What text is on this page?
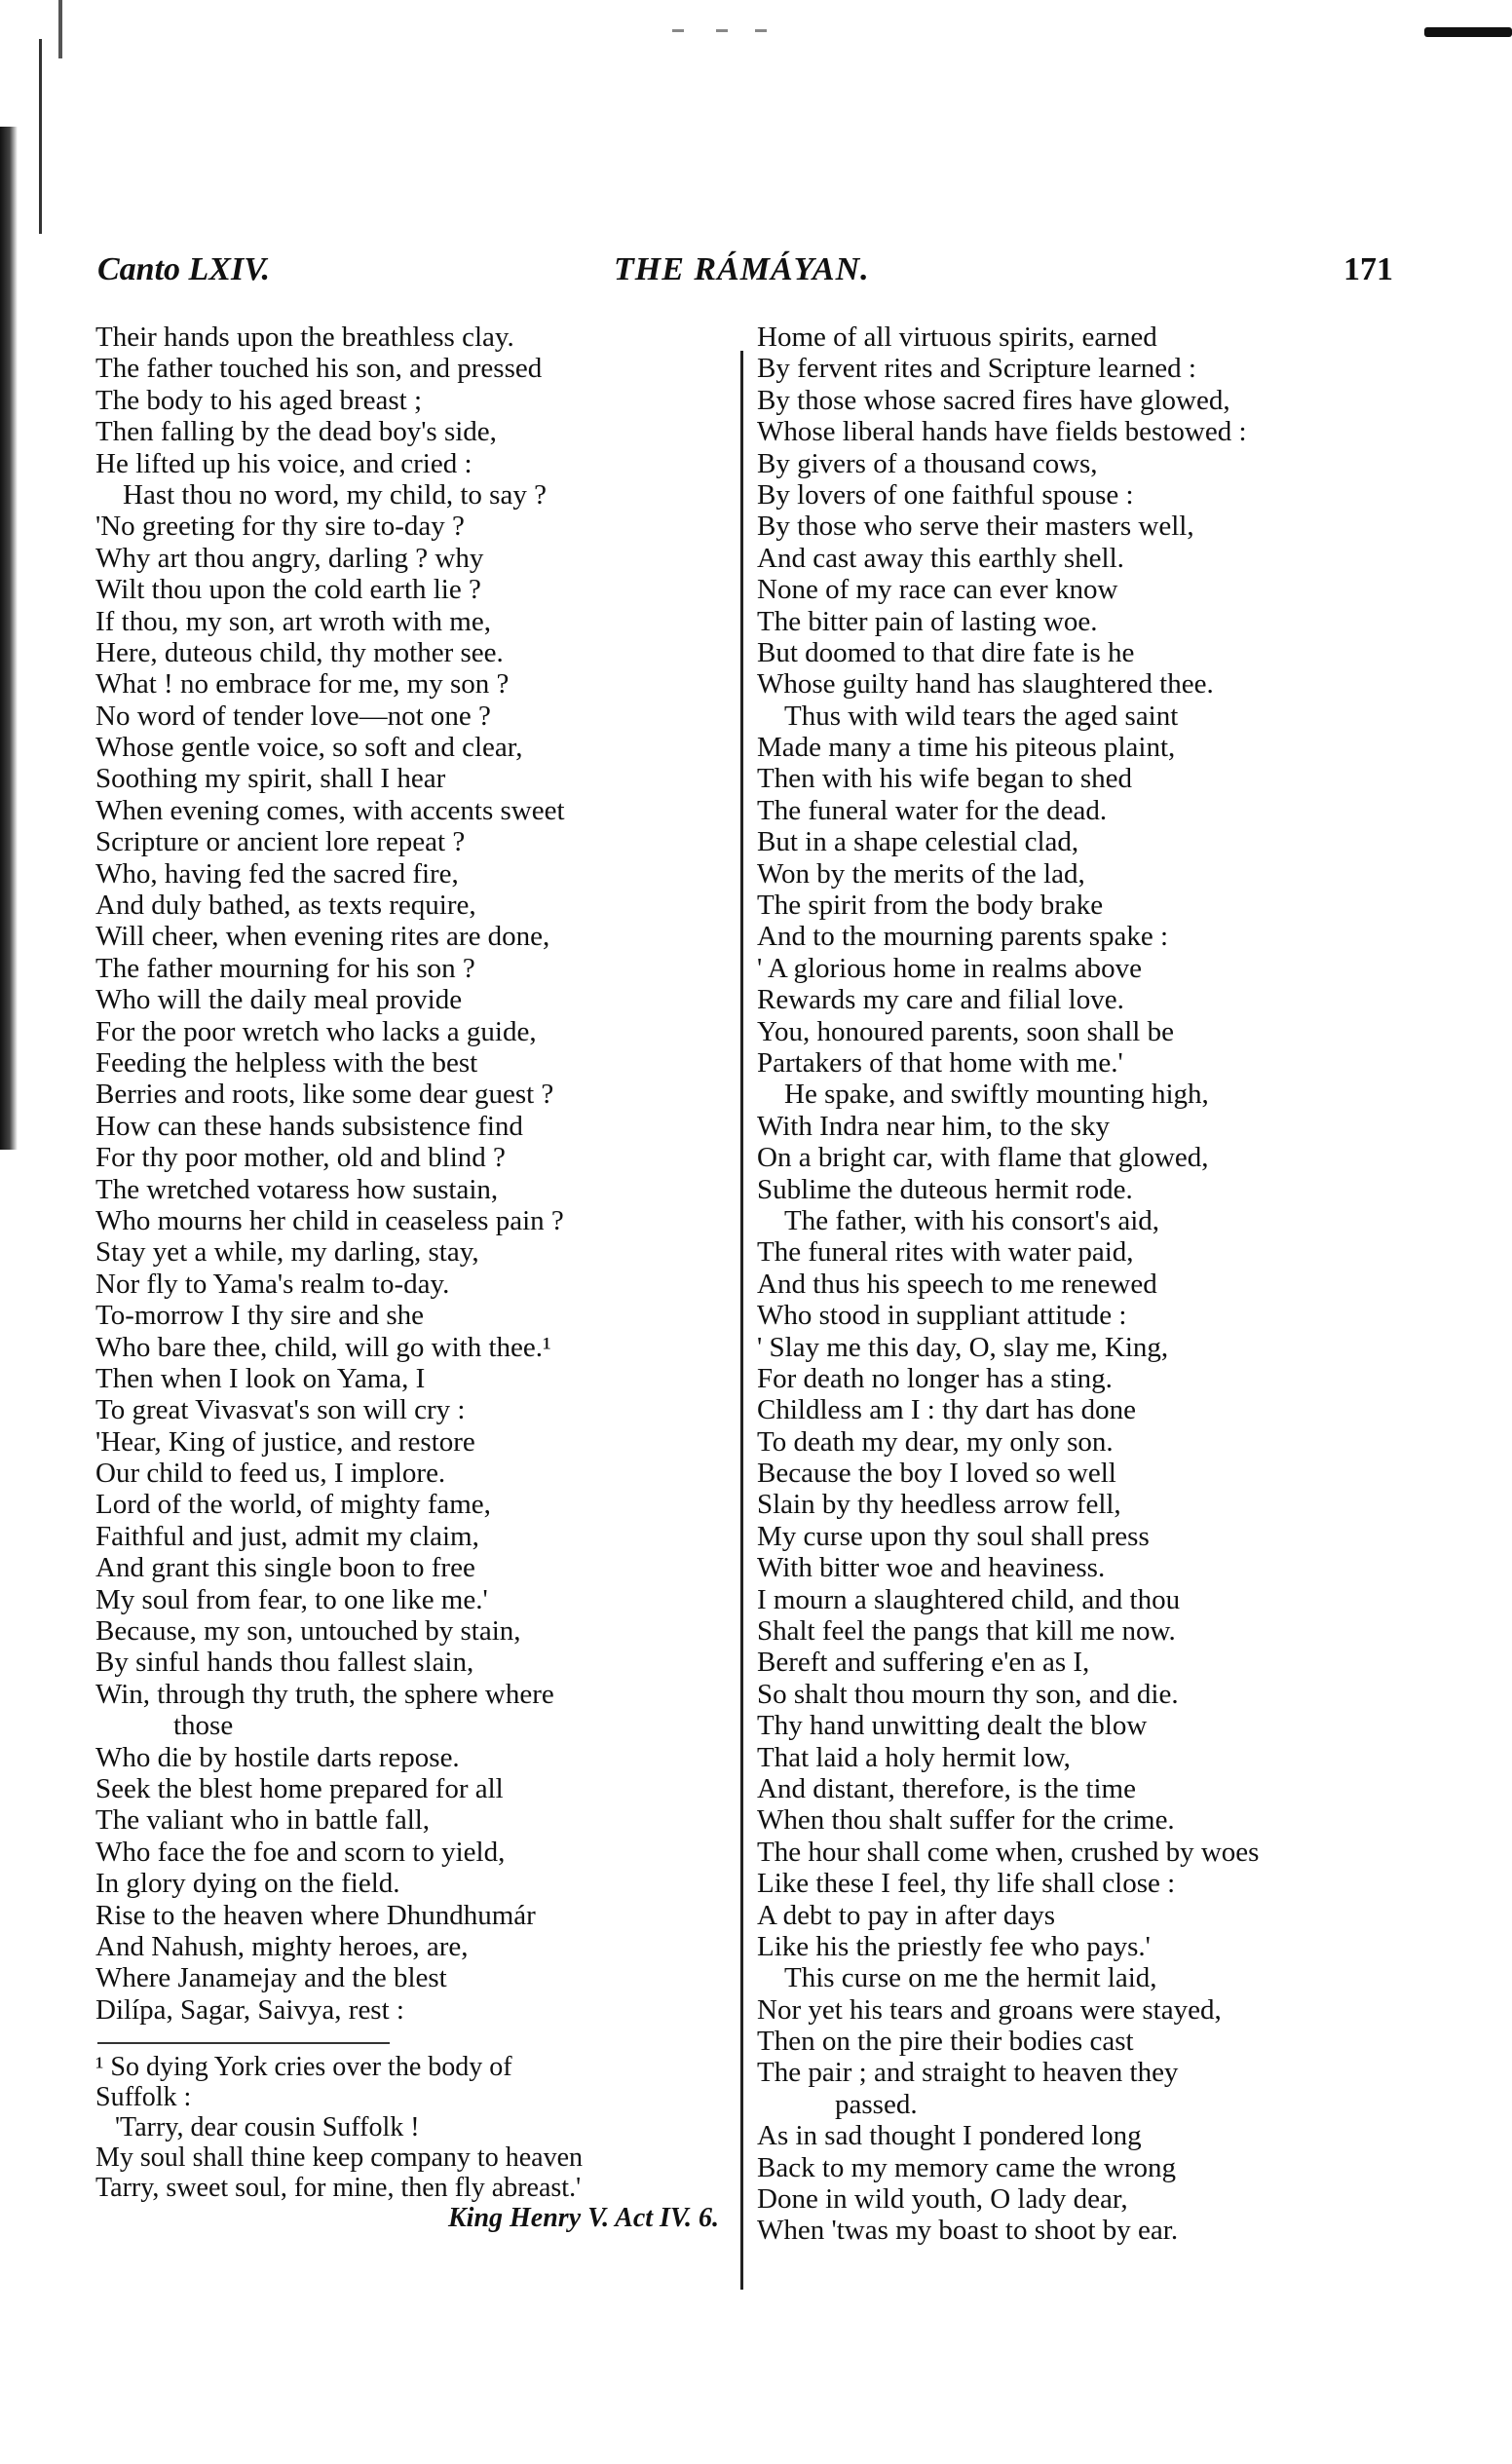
Canto LXIV.	THE RÁMÁYAN.	171
Their hands upon the breathless clay.
The father touched his son, and pressed
The body to his aged breast ;
Then falling by the dead boy's side,
He lifted up his voice, and cried :
Hast thou no word, my child, to say ?
'No greeting for thy sire to-day ?
Why art thou angry, darling ? why
Wilt thou upon the cold earth lie ?
If thou, my son, art wroth with me,
Here, duteous child, thy mother see.
What ! no embrace for me, my son ?
No word of tender love—not one ?
Whose gentle voice, so soft and clear,
Soothing my spirit, shall I hear
When evening comes, with accents sweet
Scripture or ancient lore repeat ?
Who, having fed the sacred fire,
And duly bathed, as texts require,
Will cheer, when evening rites are done,
The father mourning for his son ?
Who will the daily meal provide
For the poor wretch who lacks a guide,
Feeding the helpless with the best
Berries and roots, like some dear guest ?
How can these hands subsistence find
For thy poor mother, old and blind ?
The wretched votaress how sustain,
Who mourns her child in ceaseless pain ?
Stay yet a while, my darling, stay,
Nor fly to Yama's realm to-day.
To-morrow I thy sire and she
Who bare thee, child, will go with thee.¹
Then when I look on Yama, I
To great Vivasvat's son will cry :
'Hear, King of justice, and restore
Our child to feed us, I implore.
Lord of the world, of mighty fame,
Faithful and just, admit my claim,
And grant this single boon to free
My soul from fear, to one like me.'
Because, my son, untouched by stain,
By sinful hands thou fallest slain,
Win, through thy truth, the sphere where
those
Who die by hostile darts repose.
Seek the blest home prepared for all
The valiant who in battle fall,
Who face the foe and scorn to yield,
In glory dying on the field.
Rise to the heaven where Dhundhumár
And Nahush, mighty heroes, are,
Where Janamejay and the blest
Dilípa, Sagar, Saivya, rest :
Home of all virtuous spirits, earned
By fervent rites and Scripture learned :
By those whose sacred fires have glowed,
Whose liberal hands have fields bestowed :
By givers of a thousand cows,
By lovers of one faithful spouse :
By those who serve their masters well,
And cast away this earthly shell.
None of my race can ever know
The bitter pain of lasting woe.
But doomed to that dire fate is he
Whose guilty hand has slaughtered thee.
Thus with wild tears the aged saint
Made many a time his piteous plaint,
Then with his wife began to shed
The funeral water for the dead.
But in a shape celestial clad,
Won by the merits of the lad,
The spirit from the body brake
And to the mourning parents spake :
' A glorious home in realms above
Rewards my care and filial love.
You, honoured parents, soon shall be
Partakers of that home with me.'
He spake, and swiftly mounting high,
With Indra near him, to the sky
On a bright car, with flame that glowed,
Sublime the duteous hermit rode.
The father, with his consort's aid,
The funeral rites with water paid,
And thus his speech to me renewed
Who stood in suppliant attitude :
' Slay me this day, O, slay me, King,
For death no longer has a sting.
Childless am I : thy dart has done
To death my dear, my only son.
Because the boy I loved so well
Slain by thy heedless arrow fell,
My curse upon thy soul shall press
With bitter woe and heaviness.
I mourn a slaughtered child, and thou
Shalt feel the pangs that kill me now.
Bereft and suffering e'en as I,
So shalt thou mourn thy son, and die.
Thy hand unwitting dealt the blow
That laid a holy hermit low,
And distant, therefore, is the time
When thou shalt suffer for the crime.
The hour shall come when, crushed by woes
Like these I feel, thy life shall close :
A debt to pay in after days
Like his the priestly fee who pays.'
This curse on me the hermit laid,
Nor yet his tears and groans were stayed,
Then on the pire their bodies cast
The pair ; and straight to heaven they
passed.
As in sad thought I pondered long
Back to my memory came the wrong
Done in wild youth, O lady dear,
When 'twas my boast to shoot by ear.
¹ So dying York cries over the body of
Suffolk :
'Tarry, dear cousin Suffolk !
My soul shall thine keep company to heaven
Tarry, sweet soul, for mine, then fly abreast.'
King Henry V. Act IV. 6.
